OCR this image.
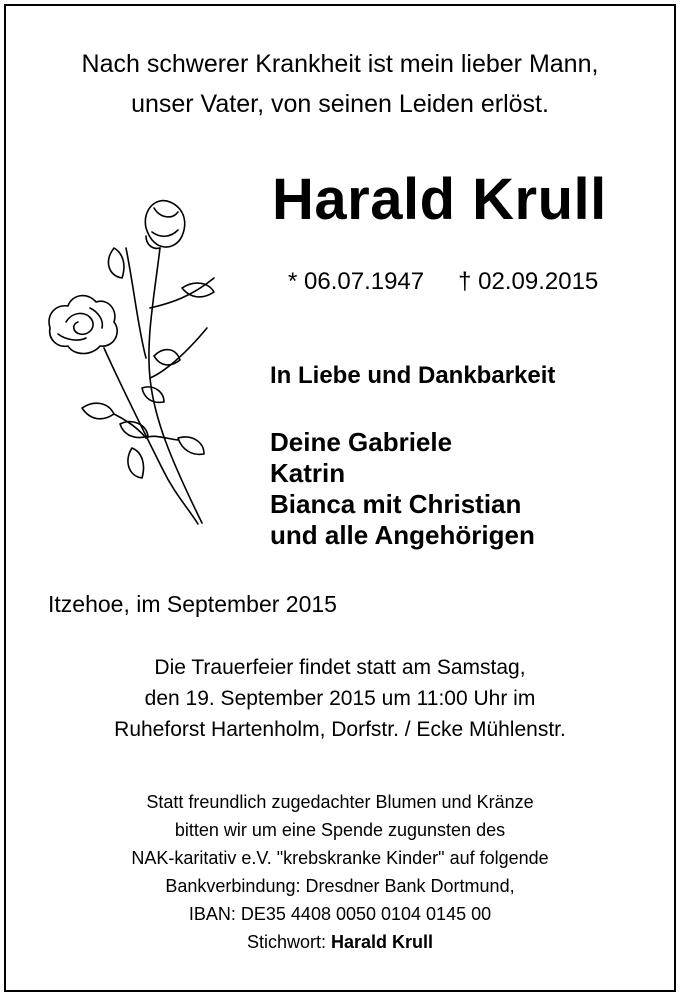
Nach schwerer Krankheit ist mein lieber Mann,
unser Vater, von seinen Leiden erlöst.
Harald Krull
* 06.07.1947 † 02.09.2015
In Liebe und Dankbarkeit
Deine Gabriele
Katrin
Bianca mit Christian
und alle Angehörigen
Itzehoe, im September 2015
Die Trauerfeier findet statt am Samstag,
den 19. September 2015 um 11:00 Uhr im
Ruheforst Hartenholm, Dorfstr. / Ecke Mühlenstr.
Statt freundlich zugedachter Blumen und Kränze
bitten wir um eine Spende zugunsten des
NAK-karitativ e.V. "krebskranke Kinder" auf folgende
Bankverbindung: Dresdner Bank Dortmund,
IBAN: DE35 4408 0050 0104 0145 00
Stichwort: Harald Krull
